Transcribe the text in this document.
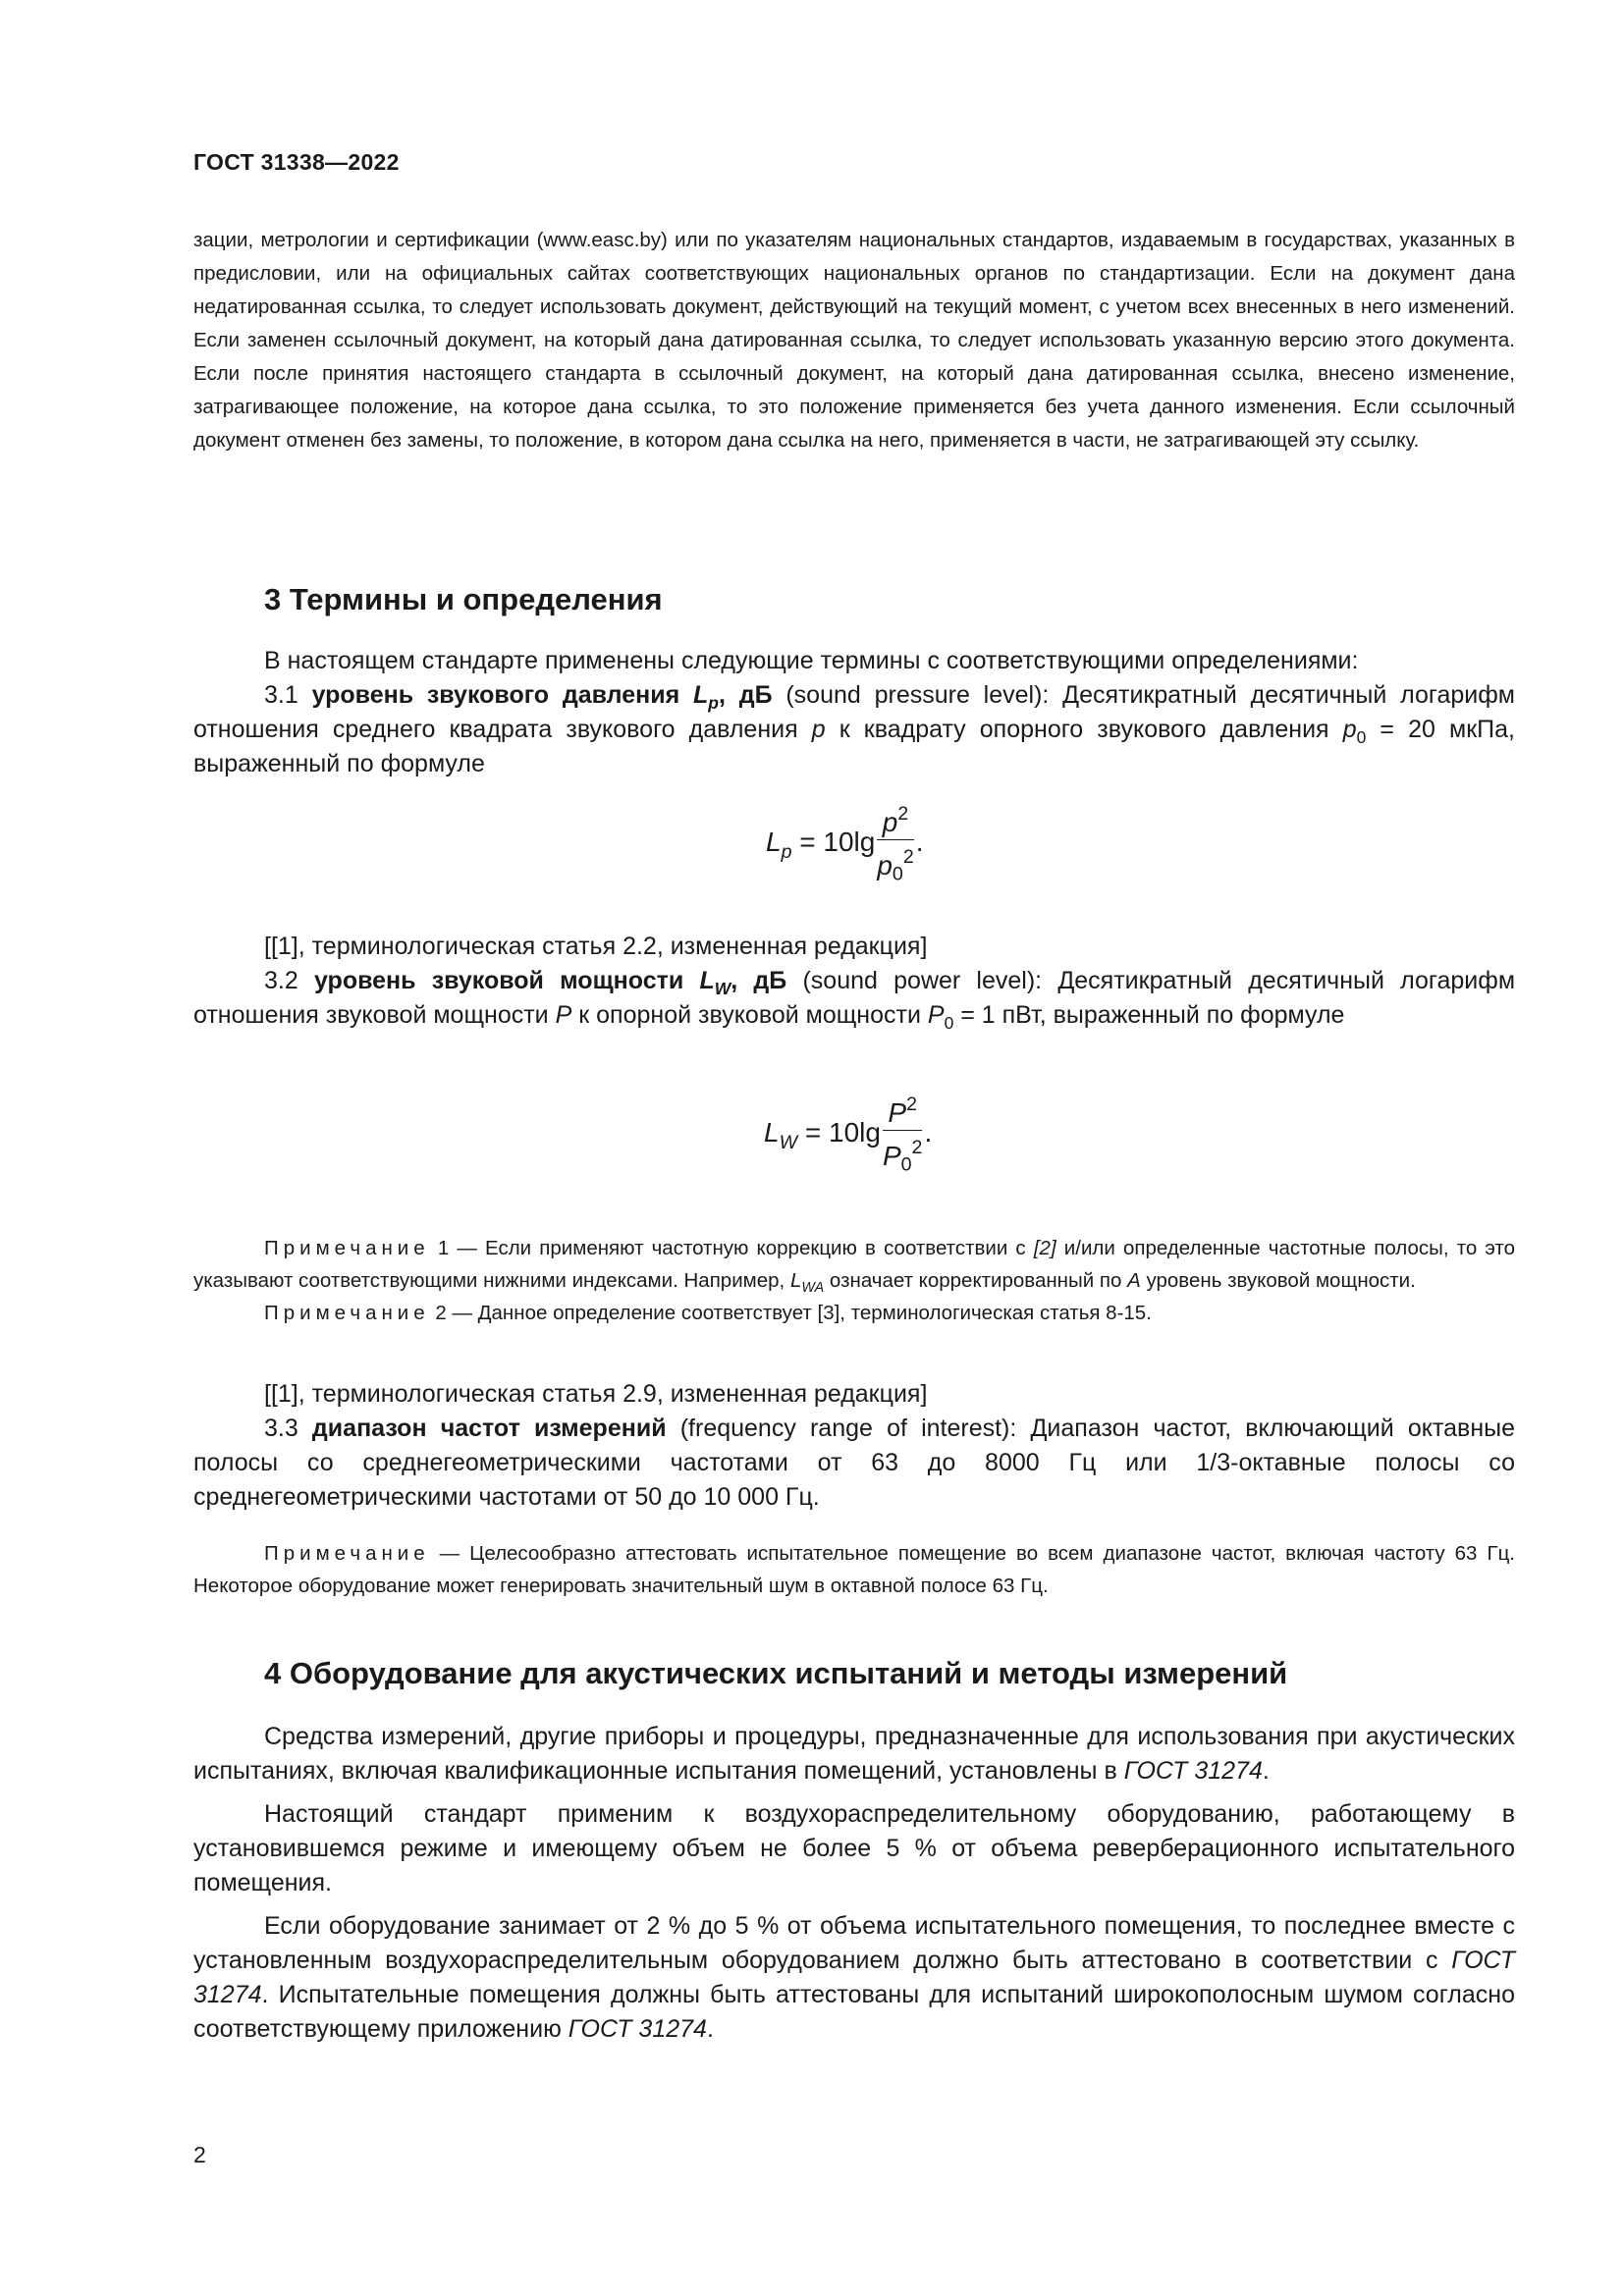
ГОСТ 31338—2022

зации, метрологии и сертификации (www.easc.by) или по указателям национальных стандартов, издаваемым в государствах, указанных в предисловии, или на официальных сайтах соответствующих национальных органов по стандартизации. Если на документ дана недатированная ссылка, то следует использовать документ, действующий на текущий момент, с учетом всех внесенных в него изменений. Если заменен ссылочный документ, на который дана датированная ссылка, то следует использовать указанную версию этого документа. Если после принятия настоящего стандарта в ссылочный документ, на который дана датированная ссылка, внесено изменение, затрагивающее положение, на которое дана ссылка, то это положение применяется без учета данного изменения. Если ссылочный документ отменен без замены, то положение, в котором дана ссылка на него, применяется в части, не затрагивающей эту ссылку.

3 Термины и определения

В настоящем стандарте применены следующие термины с соответствующими определениями:

3.1 уровень звукового давления $L_p$, дБ (sound pressure level): Десятикратный десятичный логарифм отношения среднего квадрата звукового давления p к квадрату опорного звукового давления $p_0 = 20$ мкПа, выраженный по формуле

$L_p = 10\lg \frac{p^2}{p_0^2}$ .

[[1], терминологическая статья 2.2, измененная редакция]

3.2 уровень звуковой мощности $L_W$, дБ (sound power level): Десятикратный десятичный логарифм отношения звуковой мощности P к опорной звуковой мощности $P_0 = 1$ пВт, выраженный по формуле

$L_W = 10\lg \frac{P^2}{P_0^2}$ .

Примечание 1 — Если применяют частотную коррекцию в соответствии с [2] и/или определенные частотные полосы, то это указывают соответствующими нижними индексами. Например, $L_{WA}$ означает корректированный по A уровень звуковой мощности.

Примечание 2 — Данное определение соответствует [3], терминологическая статья 8-15.

[[1], терминологическая статья 2.9, измененная редакция]

3.3 диапазон частот измерений (frequency range of interest): Диапазон частот, включающий октавные полосы со среднегеометрическими частотами от 63 до 8000 Гц или 1/3-октавные полосы со среднегеометрическими частотами от 50 до 10 000 Гц.

Примечание — Целесообразно аттестовать испытательное помещение во всем диапазоне частот, включая частоту 63 Гц. Некоторое оборудование может генерировать значительный шум в октавной полосе 63 Гц.

4 Оборудование для акустических испытаний и методы измерений

Средства измерений, другие приборы и процедуры, предназначенные для использования при акустических испытаниях, включая квалификационные испытания помещений, установлены в ГОСТ 31274.

Настоящий стандарт применим к воздухораспределительному оборудованию, работающему в установившемся режиме и имеющему объем не более 5 % от объема реверберационного испытательного помещения.

Если оборудование занимает от 2 % до 5 % от объема испытательного помещения, то последнее вместе с установленным воздухораспределительным оборудованием должно быть аттестовано в соответствии с ГОСТ 31274. Испытательные помещения должны быть аттестованы для испытаний широкополосным шумом согласно соответствующему приложению ГОСТ 31274.

2
